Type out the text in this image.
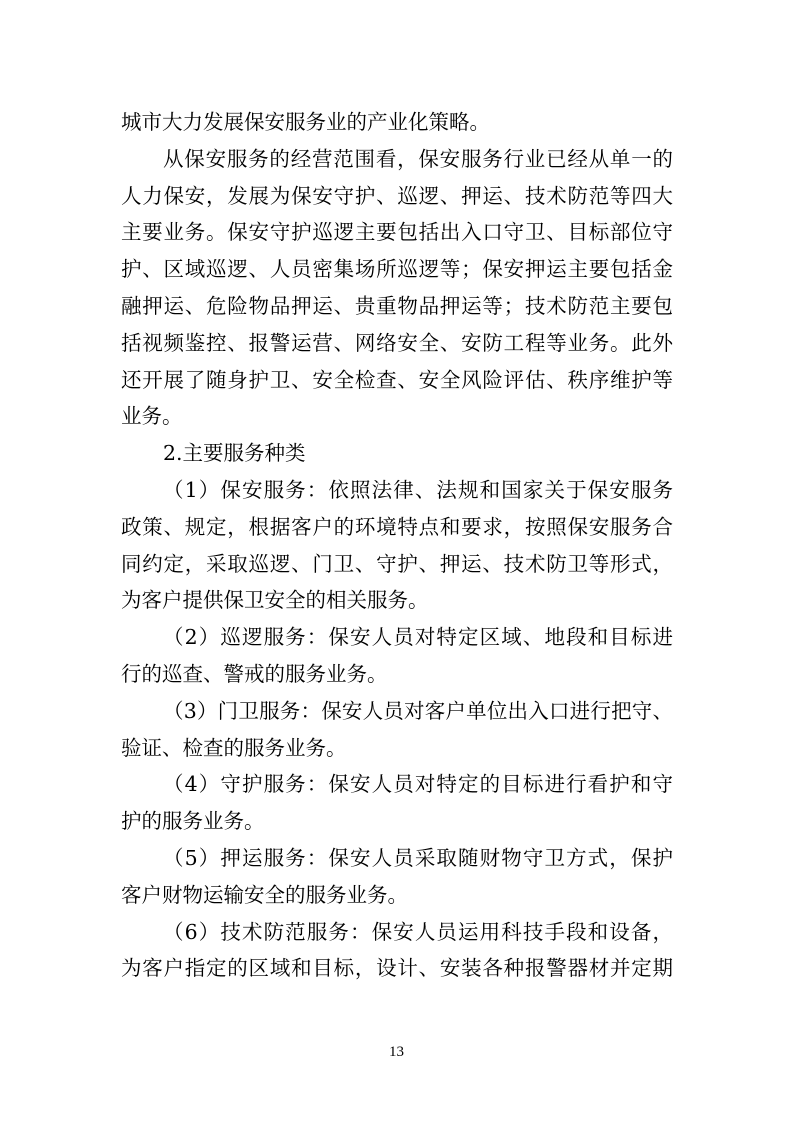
城市大力发展保安服务业的产业化策略。
从保安服务的经营范围看，保安服务行业已经从单一的
人力保安，发展为保安守护、巡逻、押运、技术防范等四大
主要业务。保安守护巡逻主要包括出入口守卫、目标部位守
护、区域巡逻、人员密集场所巡逻等；保安押运主要包括金
融押运、危险物品押运、贵重物品押运等；技术防范主要包
括视频鉴控、报警运营、网络安全、安防工程等业务。此外
还开展了随身护卫、安全检查、安全风险评估、秩序维护等
业务。
2.主要服务种类
（1）保安服务：依照法律、法规和国家关于保安服务
政策、规定，根据客户的环境特点和要求，按照保安服务合
同约定，采取巡逻、门卫、守护、押运、技术防卫等形式，
为客户提供保卫安全的相关服务。
（2）巡逻服务：保安人员对特定区域、地段和目标进
行的巡查、警戒的服务业务。
（3）门卫服务：保安人员对客户单位出入口进行把守、
验证、检查的服务业务。
（4）守护服务：保安人员对特定的目标进行看护和守
护的服务业务。
（5）押运服务：保安人员采取随财物守卫方式，保护
客户财物运输安全的服务业务。
（6）技术防范服务：保安人员运用科技手段和设备，
为客户指定的区域和目标，设计、安装各种报警器材并定期
13
